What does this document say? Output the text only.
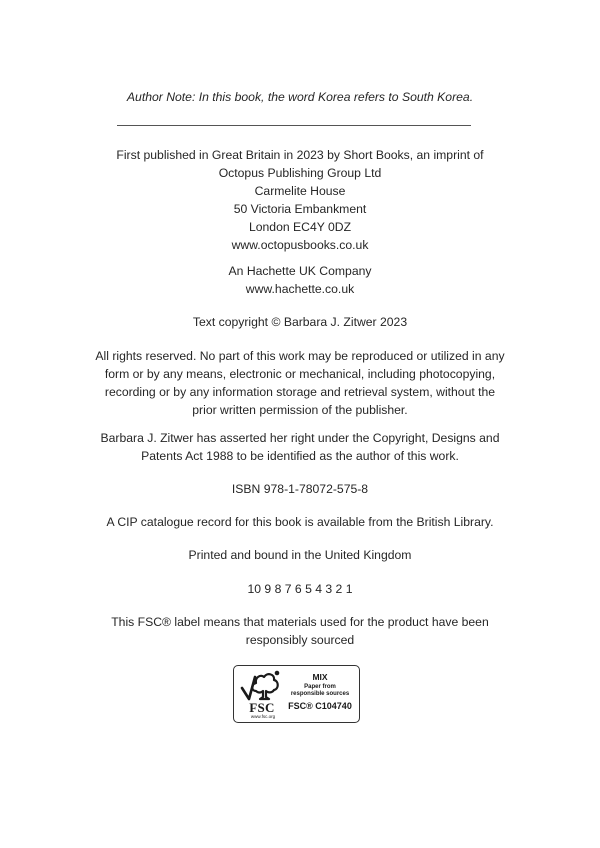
Author Note: In this book, the word Korea refers to South Korea.
First published in Great Britain in 2023 by Short Books, an imprint of
Octopus Publishing Group Ltd
Carmelite House
50 Victoria Embankment
London EC4Y 0DZ
www.octopusbooks.co.uk
An Hachette UK Company
www.hachette.co.uk
Text copyright © Barbara J. Zitwer 2023
All rights reserved. No part of this work may be reproduced or utilized in any
form or by any means, electronic or mechanical, including photocopying,
recording or by any information storage and retrieval system, without the
prior written permission of the publisher.
Barbara J. Zitwer has asserted her right under the Copyright, Designs and
Patents Act 1988 to be identified as the author of this work.
ISBN 978-1-78072-575-8
A CIP catalogue record for this book is available from the British Library.
Printed and bound in the United Kingdom
10 9 8 7 6 5 4 3 2 1
This FSC® label means that materials used for the product have been
responsibly sourced
FSC
www.fsc.org
MIX
Paper from
responsible sources
FSC® C104740
